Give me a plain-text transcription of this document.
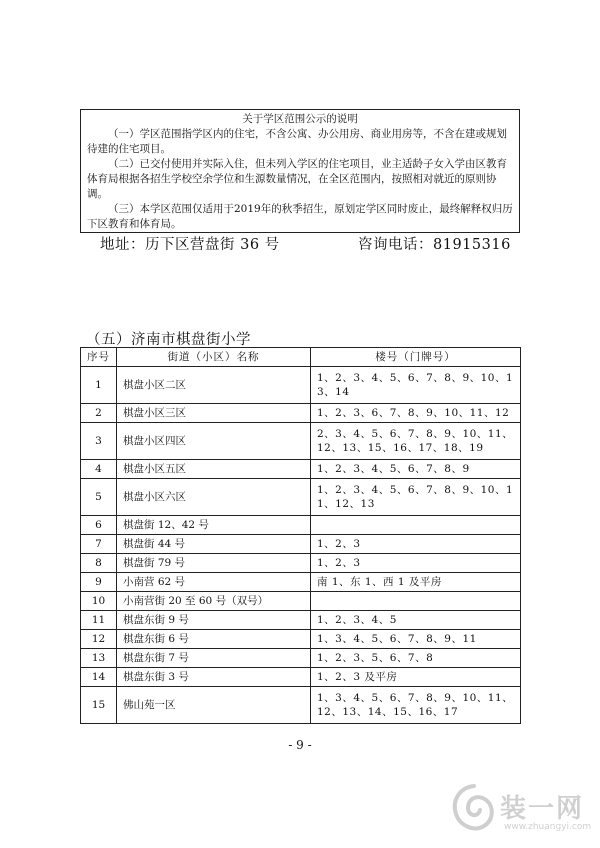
关于学区范围公示的说明

（一）学区范围指学区内的住宅，不含公寓、办公用房、商业用房等，不含在建或规划待建的住宅项目。

（二）已交付使用并实际入住，但未列入学区的住宅项目，业主适龄子女入学由区教育体育局根据各招生学校空余学位和生源数量情况，在全区范围内，按照相对就近的原则协调。

（三）本学区范围仅适用于2019年的秋季招生，原划定学区同时废止，最终解释权归历下区教育和体育局。

地址：历下区营盘街 36 号	咨询电话：81915316
（五）济南市棋盘街小学
序号	街道（小区）名称	楼号（门牌号）
1	棋盘小区二区	1、2、3、4、5、6、7、8、9、10、13、14
2	棋盘小区三区	1、2、3、6、7、8、9、10、11、12
3	棋盘小区四区	2、3、4、5、6、7、8、9、10、11、12、13、15、16、17、18、19
4	棋盘小区五区	1、2、3、4、5、6、7、8、9
5	棋盘小区六区	1、2、3、4、5、6、7、8、9、10、11、12、13
6	棋盘街 12、42 号	
7	棋盘街 44 号	1、2、3
8	棋盘街 79 号	1、2、3
9	小南营 62 号	南 1、东 1、西 1 及平房
10	小南营街 20 至 60 号（双号）	
11	棋盘东街 9 号	1、2、3、4、5
12	棋盘东街 6 号	1、3、4、5、6、7、8、9、11
13	棋盘东街 7 号	1、2、3、5、6、7、8
14	棋盘东街 3 号	1、2、3 及平房
15	佛山苑一区	1、3、4、5、6、7、8、9、10、11、12、13、14、15、16、17
- 9 -
装一网
www.zhuangyi.com
